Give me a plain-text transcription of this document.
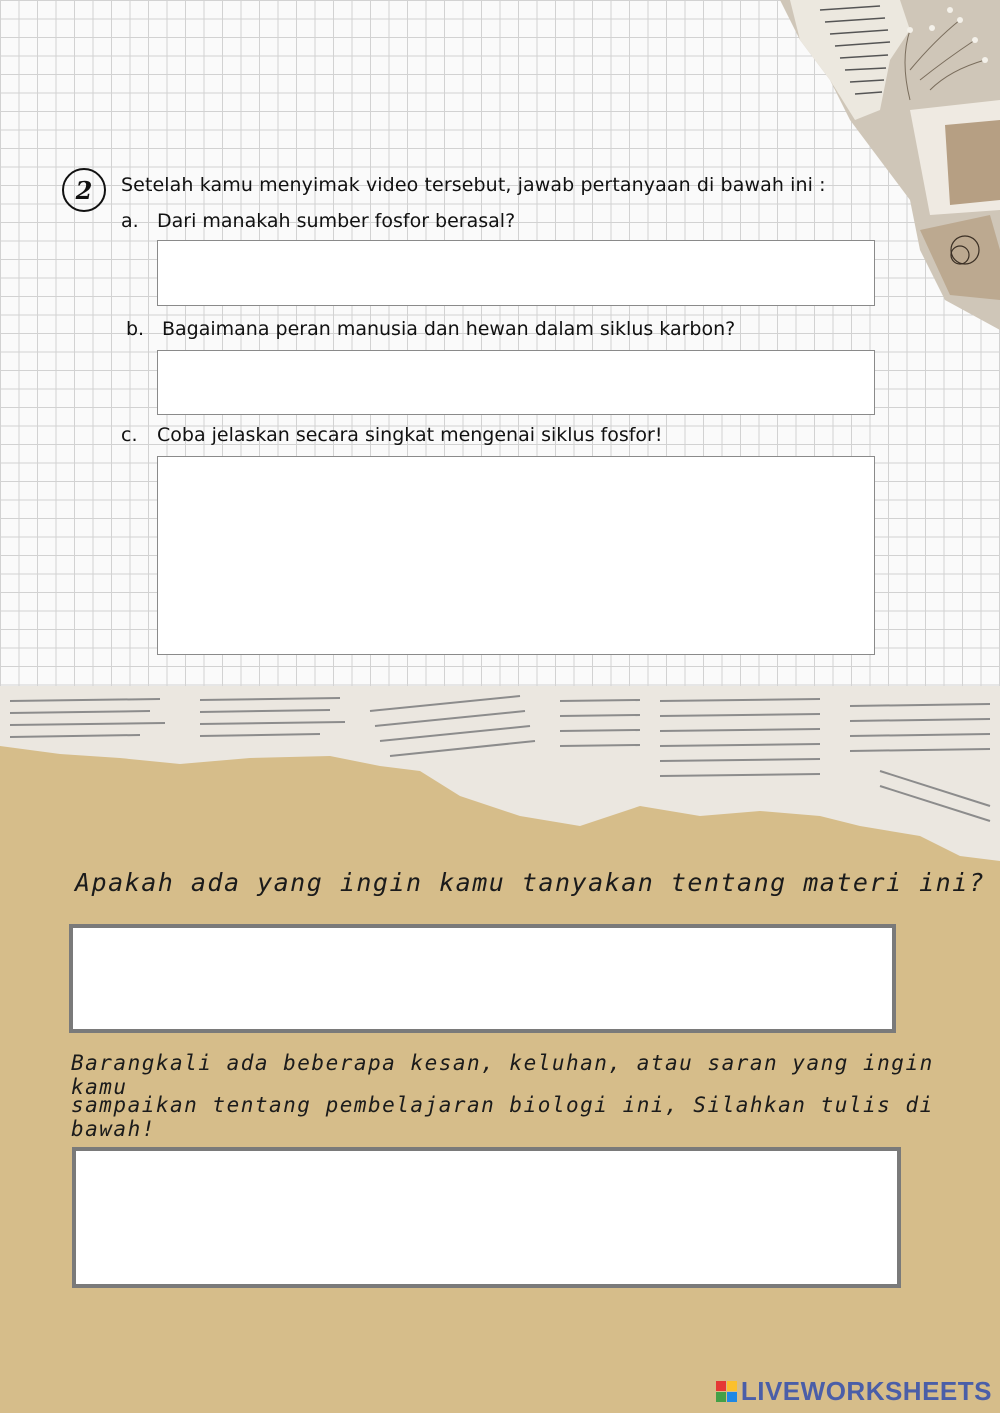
2	Setelah kamu menyimak video tersebut, jawab pertanyaan di bawah ini :
a. Dari manakah sumber fosfor berasal?
b. Bagaimana peran manusia dan hewan dalam siklus karbon?
c. Coba jelaskan secara singkat mengenai siklus fosfor!
Apakah ada yang ingin kamu tanyakan tentang materi ini?
Barangkali ada beberapa kesan, keluhan, atau saran yang ingin kamu
sampaikan tentang pembelajaran biologi ini, Silahkan tulis di bawah!
LIVEWORKSHEETS
